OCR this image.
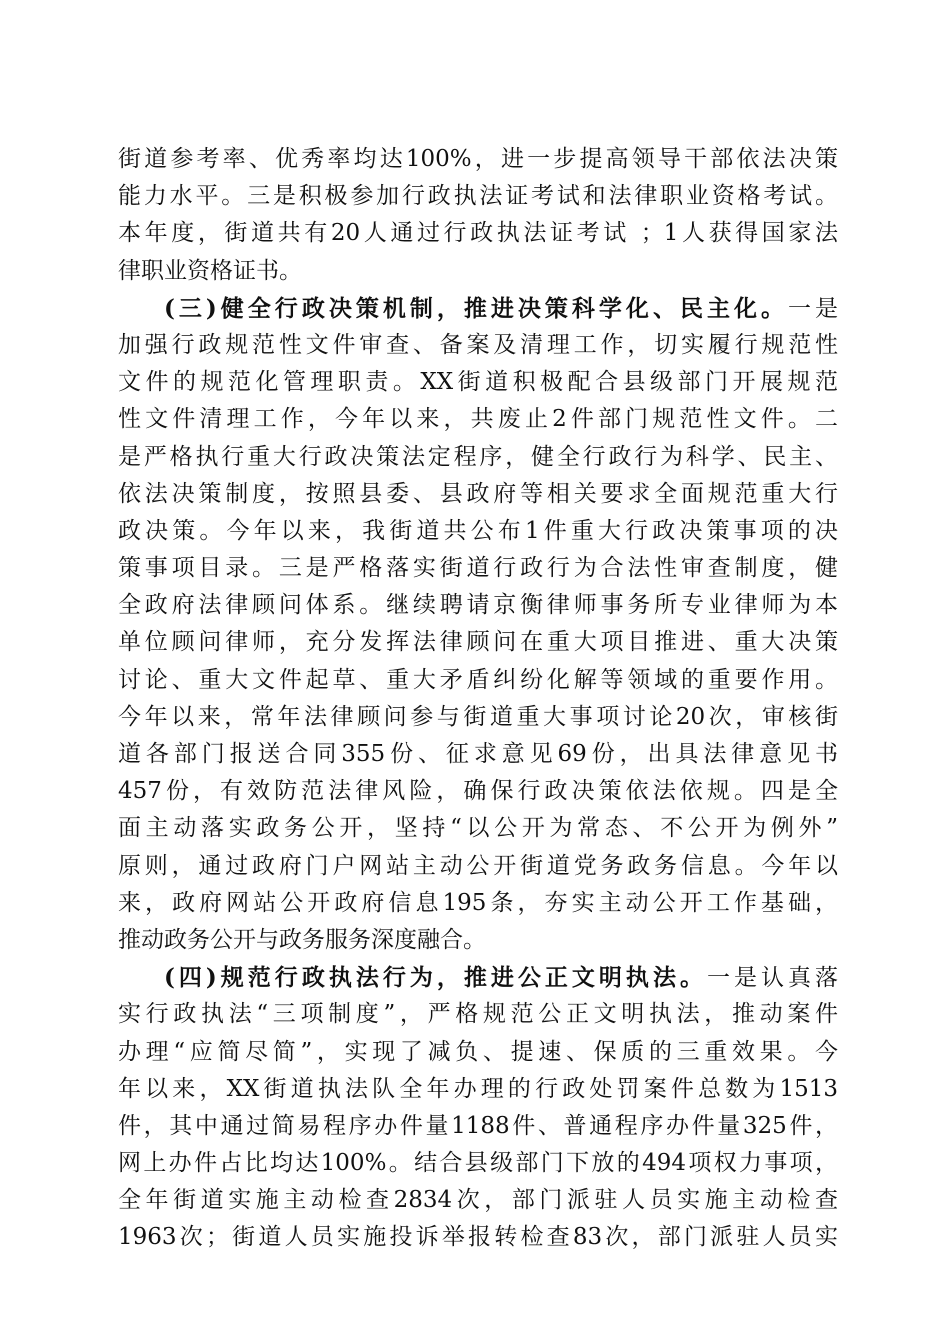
街道参考率、优秀率均达100%，进一步提高领导干部依法决策
能力水平。三是积极参加行政执法证考试和法律职业资格考试。
本年度，街道共有20人通过行政执法证考试 ；1人获得国家法
律职业资格证书。
(三)健全行政决策机制，推进决策科学化、民主化。一是
加强行政规范性文件审查、备案及清理工作，切实履行规范性
文件的规范化管理职责。XX街道积极配合县级部门开展规范
性文件清理工作，今年以来，共废止2件部门规范性文件。二
是严格执行重大行政决策法定程序，健全行政行为科学、民主、
依法决策制度，按照县委、县政府等相关要求全面规范重大行
政决策。今年以来，我街道共公布1件重大行政决策事项的决
策事项目录。三是严格落实街道行政行为合法性审查制度，健
全政府法律顾问体系。继续聘请京衡律师事务所专业律师为本
单位顾问律师，充分发挥法律顾问在重大项目推进、重大决策
讨论、重大文件起草、重大矛盾纠纷化解等领域的重要作用。
今年以来，常年法律顾问参与街道重大事项讨论20次，审核街
道各部门报送合同355份、征求意见69份，出具法律意见书
457份，有效防范法律风险，确保行政决策依法依规。四是全
面主动落实政务公开，坚持“以公开为常态、不公开为例外”
原则，通过政府门户网站主动公开街道党务政务信息。今年以
来，政府网站公开政府信息195条，夯实主动公开工作基础，
推动政务公开与政务服务深度融合。
(四)规范行政执法行为，推进公正文明执法。一是认真落
实行政执法“三项制度”，严格规范公正文明执法，推动案件
办理“应简尽简”，实现了减负、提速、保质的三重效果。今
年以来，XX街道执法队全年办理的行政处罚案件总数为1513
件，其中通过简易程序办件量1188件、普通程序办件量325件，
网上办件占比均达100%。结合县级部门下放的494项权力事项，
全年街道实施主动检查2834次，部门派驻人员实施主动检查
1963次；街道人员实施投诉举报转检查83次，部门派驻人员实
